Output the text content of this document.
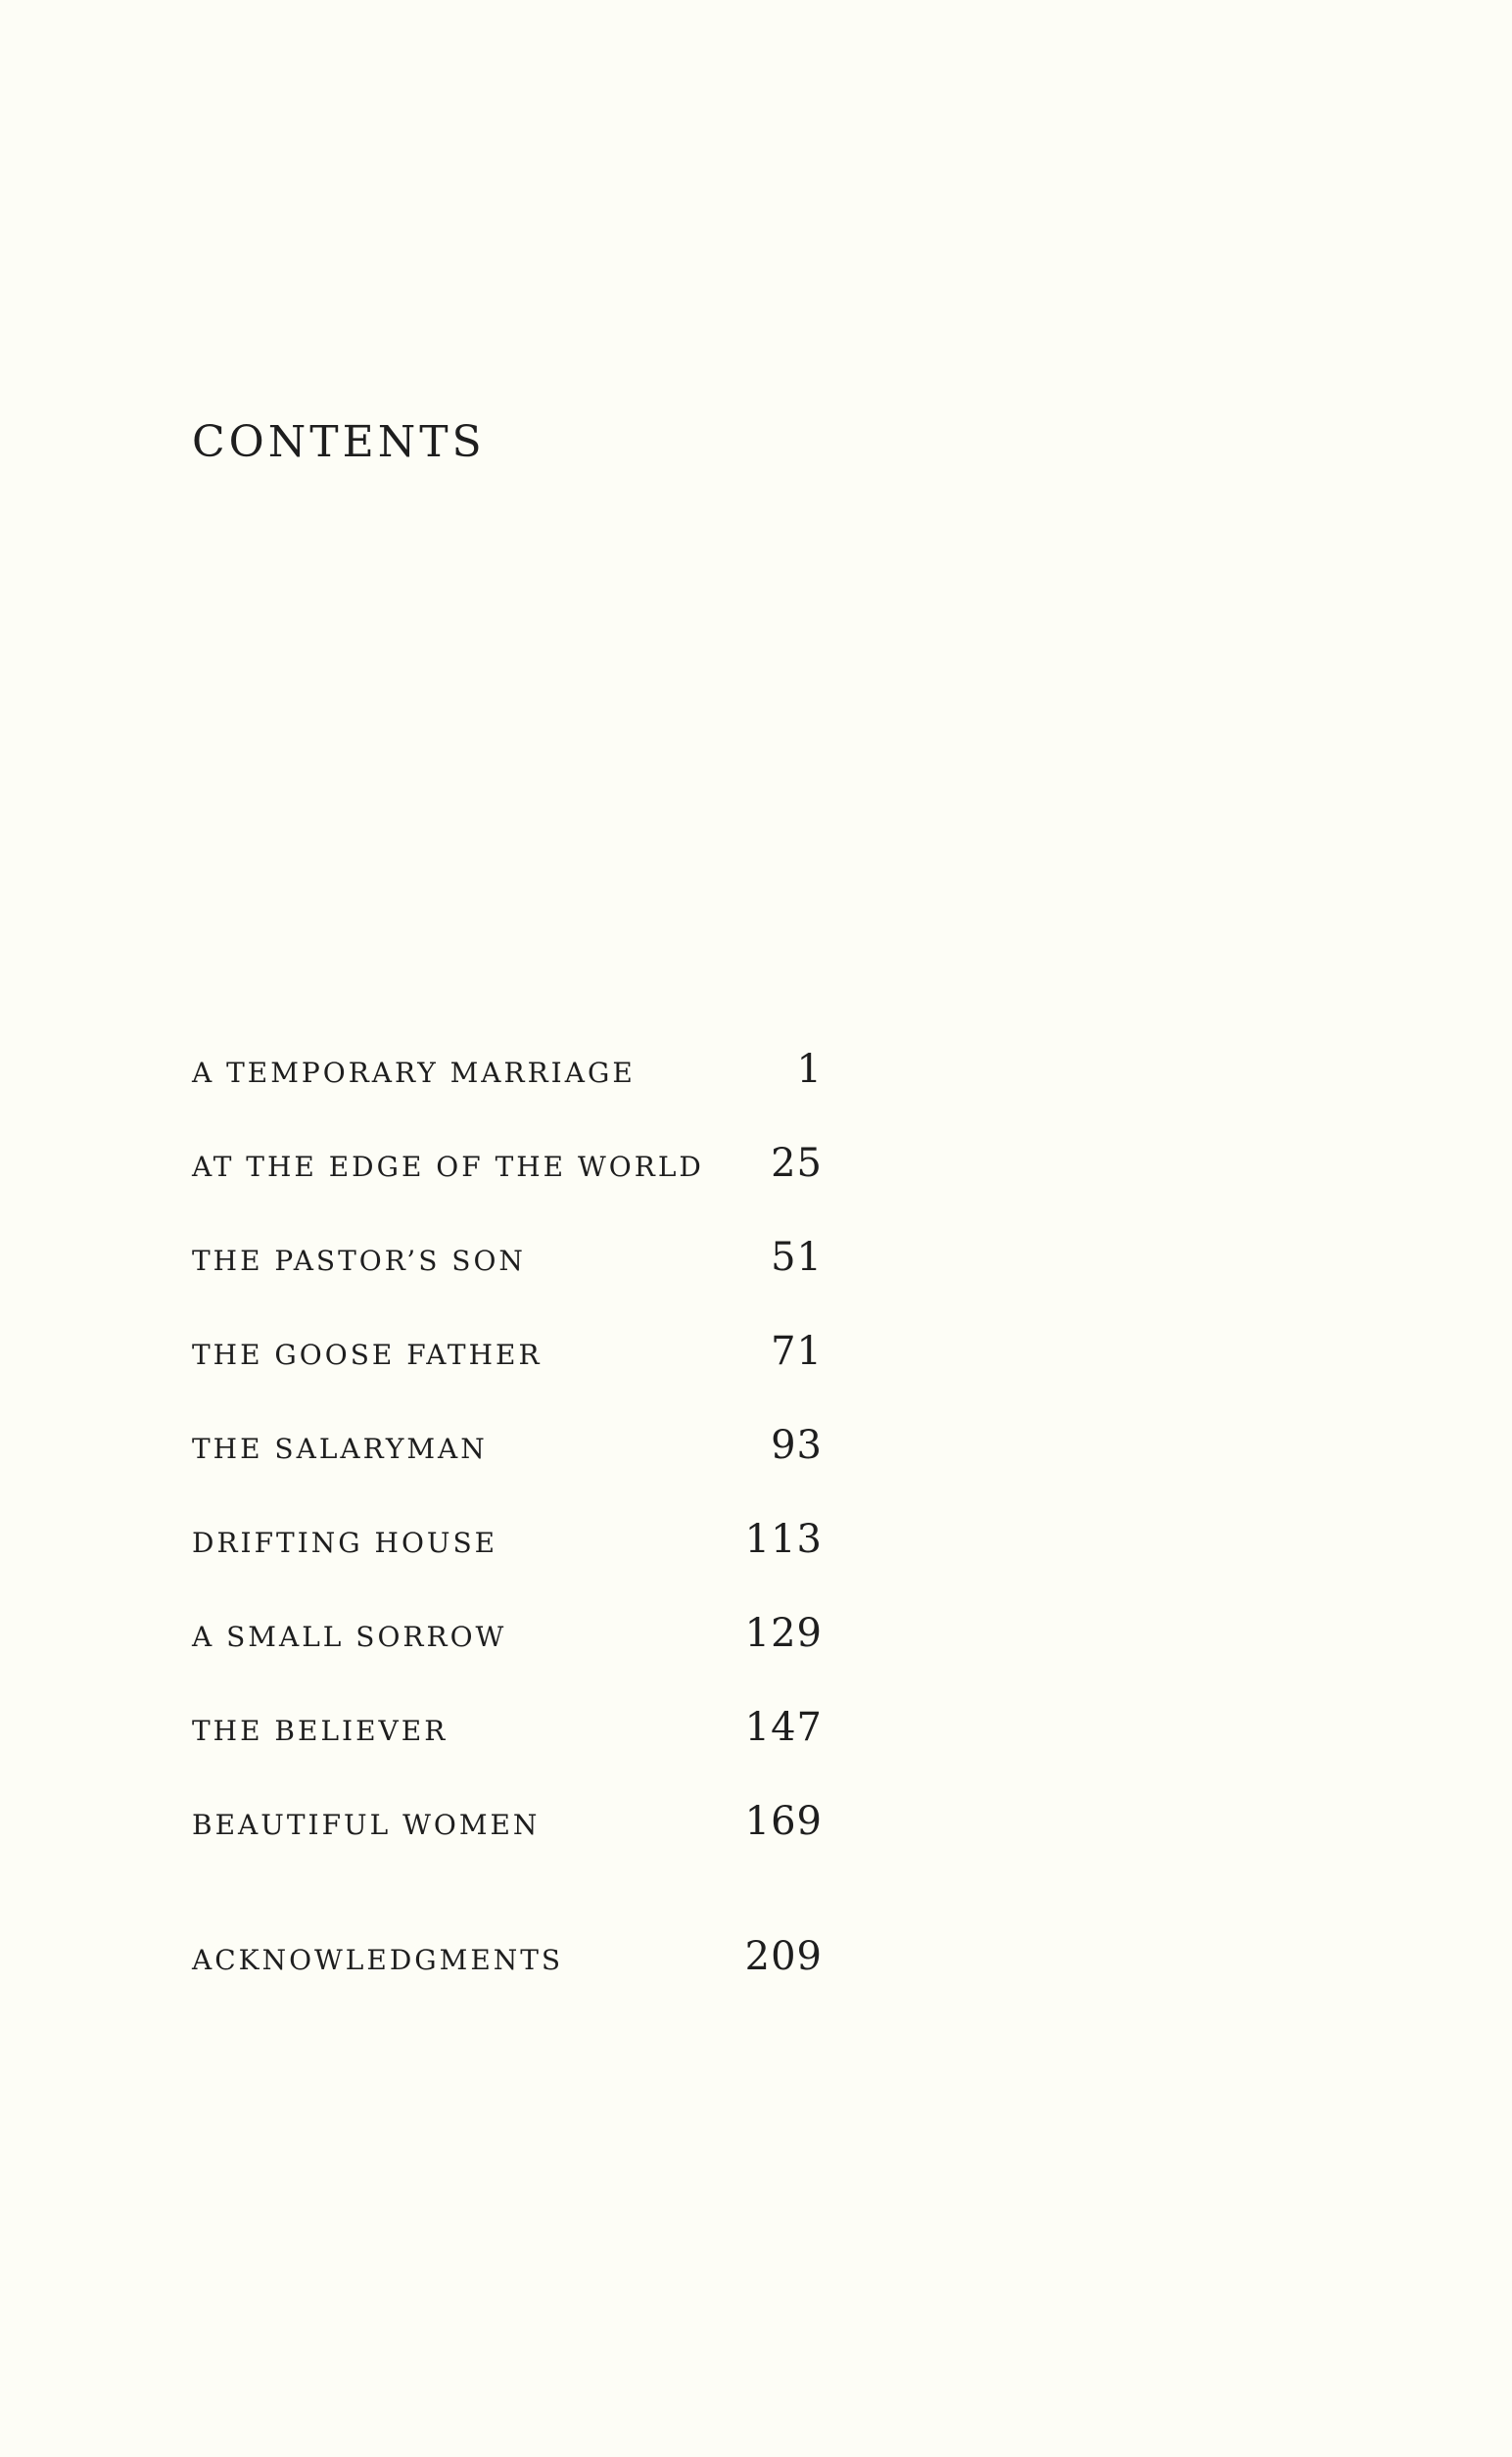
CONTENTS
A TEMPORARY MARRIAGE	1
AT THE EDGE OF THE WORLD 25
THE PASTOR’S SON	51
THE GOOSE FATHER	71
THE SALARYMAN	93
DRIFTING HOUSE	113
A SMALL SORROW	129
THE BELIEVER	147
BEAUTIFUL WOMEN	169
ACKNOWLEDGMENTS	209
